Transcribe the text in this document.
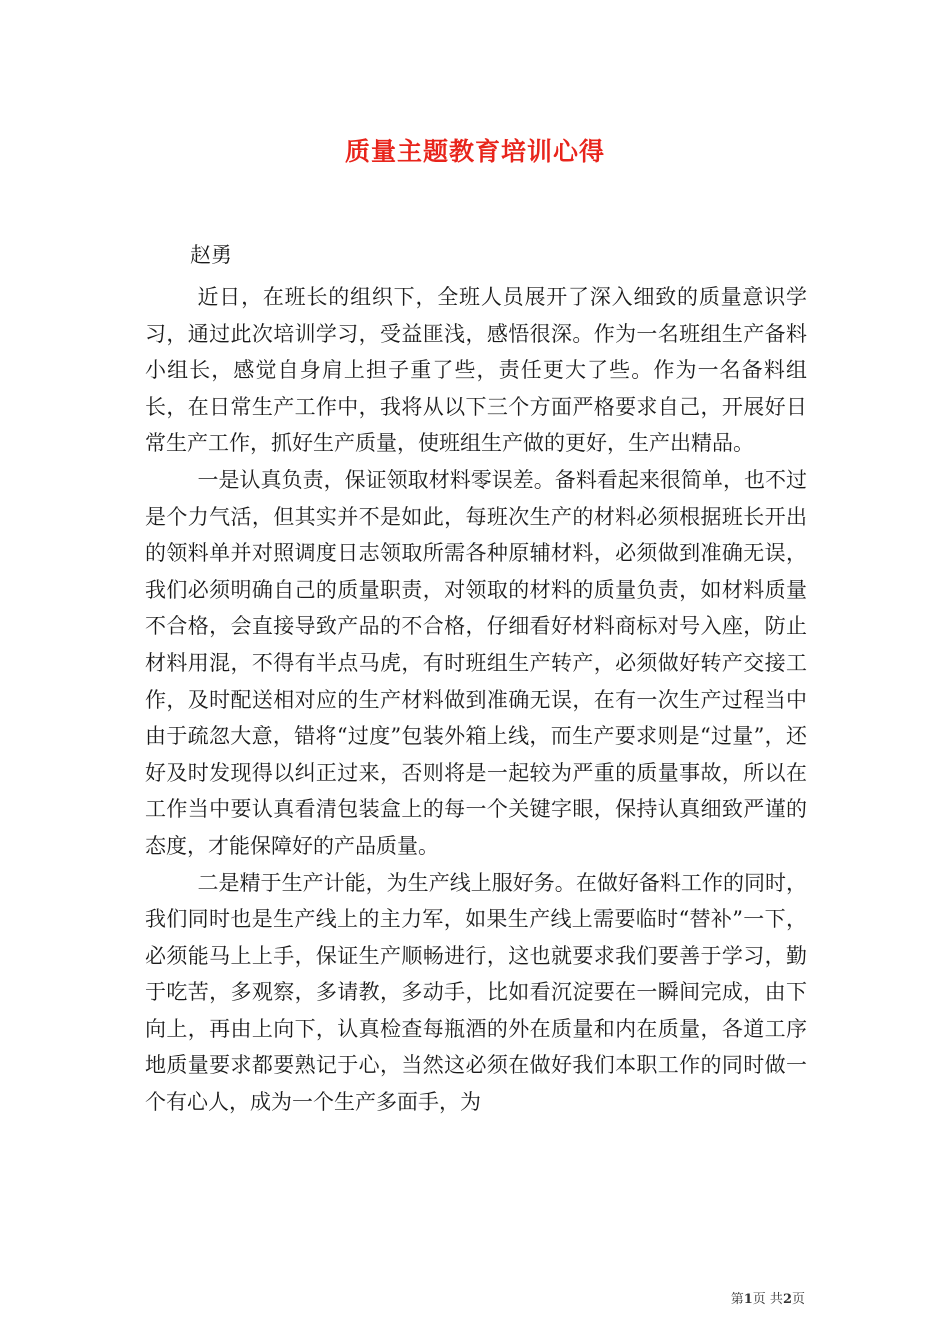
质量主题教育培训心得
赵勇

近日，在班长的组织下，全班人员展开了深入细致的质量意识学习，通过此次培训学习，受益匪浅，感悟很深。作为一名班组生产备料小组长，感觉自身肩上担子重了些，责任更大了些。作为一名备料组长，在日常生产工作中，我将从以下三个方面严格要求自己，开展好日常生产工作，抓好生产质量，使班组生产做的更好，生产出精品。

一是认真负责，保证领取材料零误差。备料看起来很简单，也不过是个力气活，但其实并不是如此，每班次生产的材料必须根据班长开出的领料单并对照调度日志领取所需各种原辅材料，必须做到准确无误，我们必须明确自己的质量职责，对领取的材料的质量负责，如材料质量不合格，会直接导致产品的不合格，仔细看好材料商标对号入座，防止材料用混，不得有半点马虎，有时班组生产转产，必须做好转产交接工作，及时配送相对应的生产材料做到准确无误，在有一次生产过程当中由于疏忽大意，错将“过度”包装外箱上线，而生产要求则是“过量”，还好及时发现得以纠正过来，否则将是一起较为严重的质量事故，所以在工作当中要认真看清包装盒上的每一个关键字眼，保持认真细致严谨的态度，才能保障好的产品质量。

二是精于生产计能，为生产线上服好务。在做好备料工作的同时，我们同时也是生产线上的主力军，如果生产线上需要临时“替补”一下，必须能马上上手，保证生产顺畅进行，这也就要求我们要善于学习，勤于吃苦，多观察，多请教，多动手，比如看沉淀要在一瞬间完成，由下向上，再由上向下，认真检查每瓶酒的外在质量和内在质量，各道工序地质量要求都要熟记于心，当然这必须在做好我们本职工作的同时做一个有心人，成为一个生产多面手，为

第1页 共2页
